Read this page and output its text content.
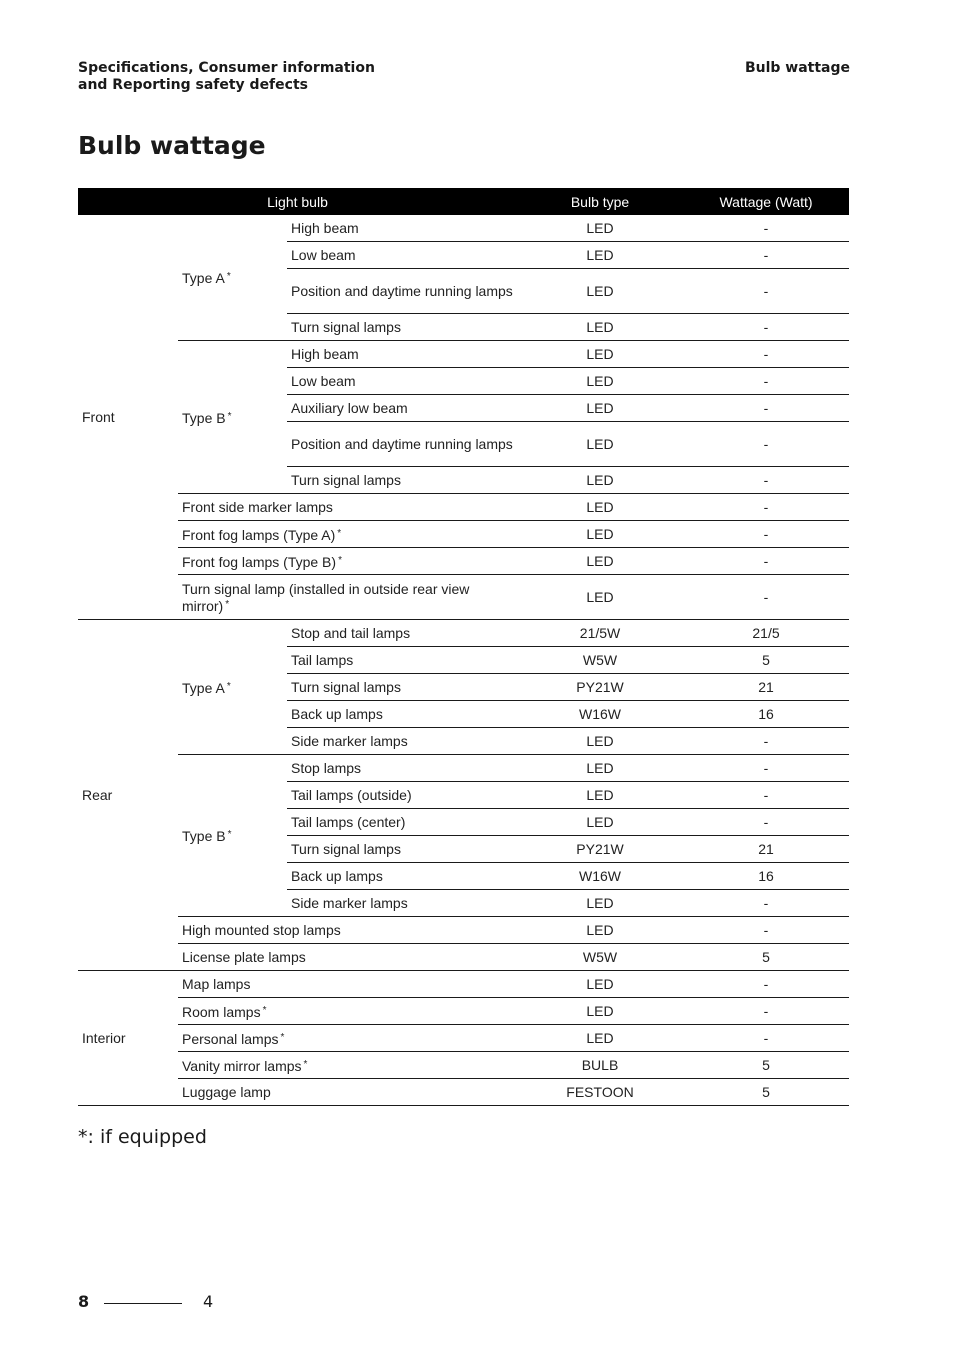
Specifications, Consumer information
and Reporting safety defects
Bulb wattage
Bulb wattage
Light bulb			Bulb type	Wattage (Watt)
Front	Type A *	High beam	LED	-
		Low beam	LED	-
		Position and daytime running lamps	LED	-
		Turn signal lamps	LED	-
	Type B *	High beam	LED	-
		Low beam	LED	-
		Auxiliary low beam	LED	-
		Position and daytime running lamps	LED	-
		Turn signal lamps	LED	-
	Front side marker lamps		LED	-
	Front fog lamps (Type A) *		LED	-
	Front fog lamps (Type B) *		LED	-
	Turn signal lamp (installed in outside rear view mirror) *		LED	-
Rear	Type A *	Stop and tail lamps	21/5W	21/5
		Tail lamps	W5W	5
		Turn signal lamps	PY21W	21
		Back up lamps	W16W	16
		Side marker lamps	LED	-
	Type B *	Stop lamps	LED	-
		Tail lamps (outside)	LED	-
		Tail lamps (center)	LED	-
		Turn signal lamps	PY21W	21
		Back up lamps	W16W	16
		Side marker lamps	LED	-
	High mounted stop lamps		LED	-
	License plate lamps		W5W	5
Interior	Map lamps		LED	-
	Room lamps *		LED	-
	Personal lamps *		LED	-
	Vanity mirror lamps *		BULB	5
	Luggage lamp		FESTOON	5
*: if equipped
8	4
